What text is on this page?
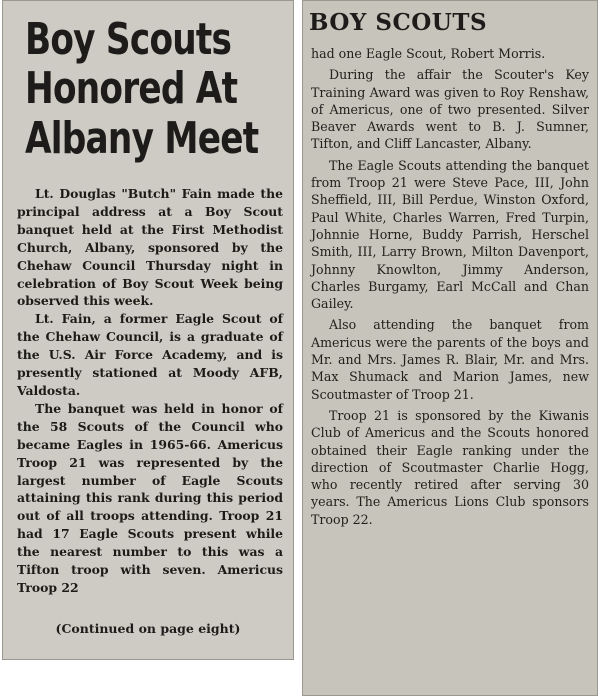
Boy Scouts
Honored At
Albany Meet

Lt. Douglas "Butch" Fain made the principal address at a Boy Scout banquet held at the First Methodist Church, Albany, sponsored by the Chehaw Council Thursday night in celebration of Boy Scout Week being observed this week.

Lt. Fain, a former Eagle Scout of the Chehaw Council, is a graduate of the U.S. Air Force Academy, and is presently stationed at Moody AFB, Valdosta.

The banquet was held in honor of the 58 Scouts of the Council who became Eagles in 1965-66. Americus Troop 21 was represented by the largest number of Eagle Scouts attaining this rank during this period out of all troops attending. Troop 21 had 17 Eagle Scouts present while the nearest number to this was a Tifton troop with seven. Americus Troop 22

(Continued on page eight)
BOY SCOUTS

had one Eagle Scout, Robert Morris.

During the affair the Scouter's Key Training Award was given to Roy Renshaw, of Americus, one of two presented. Silver Beaver Awards went to B. J. Sumner, Tifton, and Cliff Lancaster, Albany.

The Eagle Scouts attending the banquet from Troop 21 were Steve Pace, III, John Sheffield, III, Bill Perdue, Winston Oxford, Paul White, Charles Warren, Fred Turpin, Johnnie Horne, Buddy Parrish, Herschel Smith, III, Larry Brown, Milton Davenport, Johnny Knowlton, Jimmy Anderson, Charles Burgamy, Earl McCall and Chan Gailey.

Also attending the banquet from Americus were the parents of the boys and Mr. and Mrs. James R. Blair, Mr. and Mrs. Max Shumack and Marion James, new Scoutmaster of Troop 21.

Troop 21 is sponsored by the Kiwanis Club of Americus and the Scouts honored obtained their Eagle ranking under the direction of Scoutmaster Charlie Hogg, who recently retired after serving 30 years. The Americus Lions Club sponsors Troop 22.
